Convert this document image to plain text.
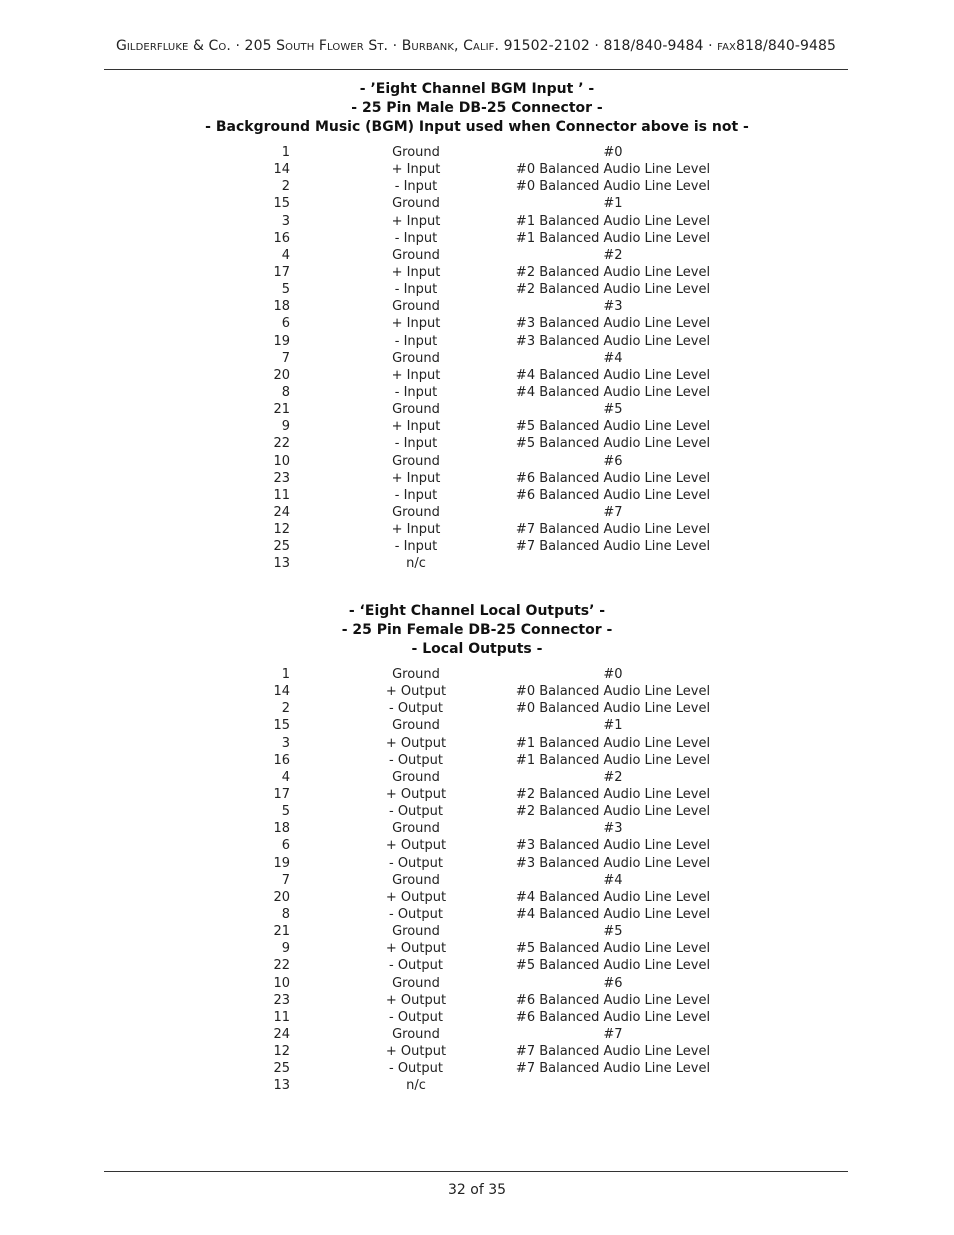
Gilderfluke & Co. · 205 South Flower St. · Burbank, Calif. 91502-2102 · 818/840-9484 · fax818/840-9485
- ’Eight Channel BGM Input ’ -
- 25 Pin Male DB-25 Connector -
- Background Music (BGM) Input used when Connector above is not -
1	Ground	#0
14	+ Input	#0 Balanced Audio Line Level
2	- Input	#0 Balanced Audio Line Level
15	Ground	#1
3	+ Input	#1 Balanced Audio Line Level
16	- Input	#1 Balanced Audio Line Level
4	Ground	#2
17	+ Input	#2 Balanced Audio Line Level
5	- Input	#2 Balanced Audio Line Level
18	Ground	#3
6	+ Input	#3 Balanced Audio Line Level
19	- Input	#3 Balanced Audio Line Level
7	Ground	#4
20	+ Input	#4 Balanced Audio Line Level
8	- Input	#4 Balanced Audio Line Level
21	Ground	#5
9	+ Input	#5 Balanced Audio Line Level
22	- Input	#5 Balanced Audio Line Level
10	Ground	#6
23	+ Input	#6 Balanced Audio Line Level
11	- Input	#6 Balanced Audio Line Level
24	Ground	#7
12	+ Input	#7 Balanced Audio Line Level
25	- Input	#7 Balanced Audio Line Level
13	n/c
- ‘Eight Channel Local Outputs’ -
- 25 Pin Female DB-25 Connector -
- Local Outputs -
1	Ground	#0
14	+ Output	#0 Balanced Audio Line Level
2	- Output	#0 Balanced Audio Line Level
15	Ground	#1
3	+ Output	#1 Balanced Audio Line Level
16	- Output	#1 Balanced Audio Line Level
4	Ground	#2
17	+ Output	#2 Balanced Audio Line Level
5	- Output	#2 Balanced Audio Line Level
18	Ground	#3
6	+ Output	#3 Balanced Audio Line Level
19	- Output	#3 Balanced Audio Line Level
7	Ground	#4
20	+ Output	#4 Balanced Audio Line Level
8	- Output	#4 Balanced Audio Line Level
21	Ground	#5
9	+ Output	#5 Balanced Audio Line Level
22	- Output	#5 Balanced Audio Line Level
10	Ground	#6
23	+ Output	#6 Balanced Audio Line Level
11	- Output	#6 Balanced Audio Line Level
24	Ground	#7
12	+ Output	#7 Balanced Audio Line Level
25	- Output	#7 Balanced Audio Line Level
13	n/c
32 of 35
